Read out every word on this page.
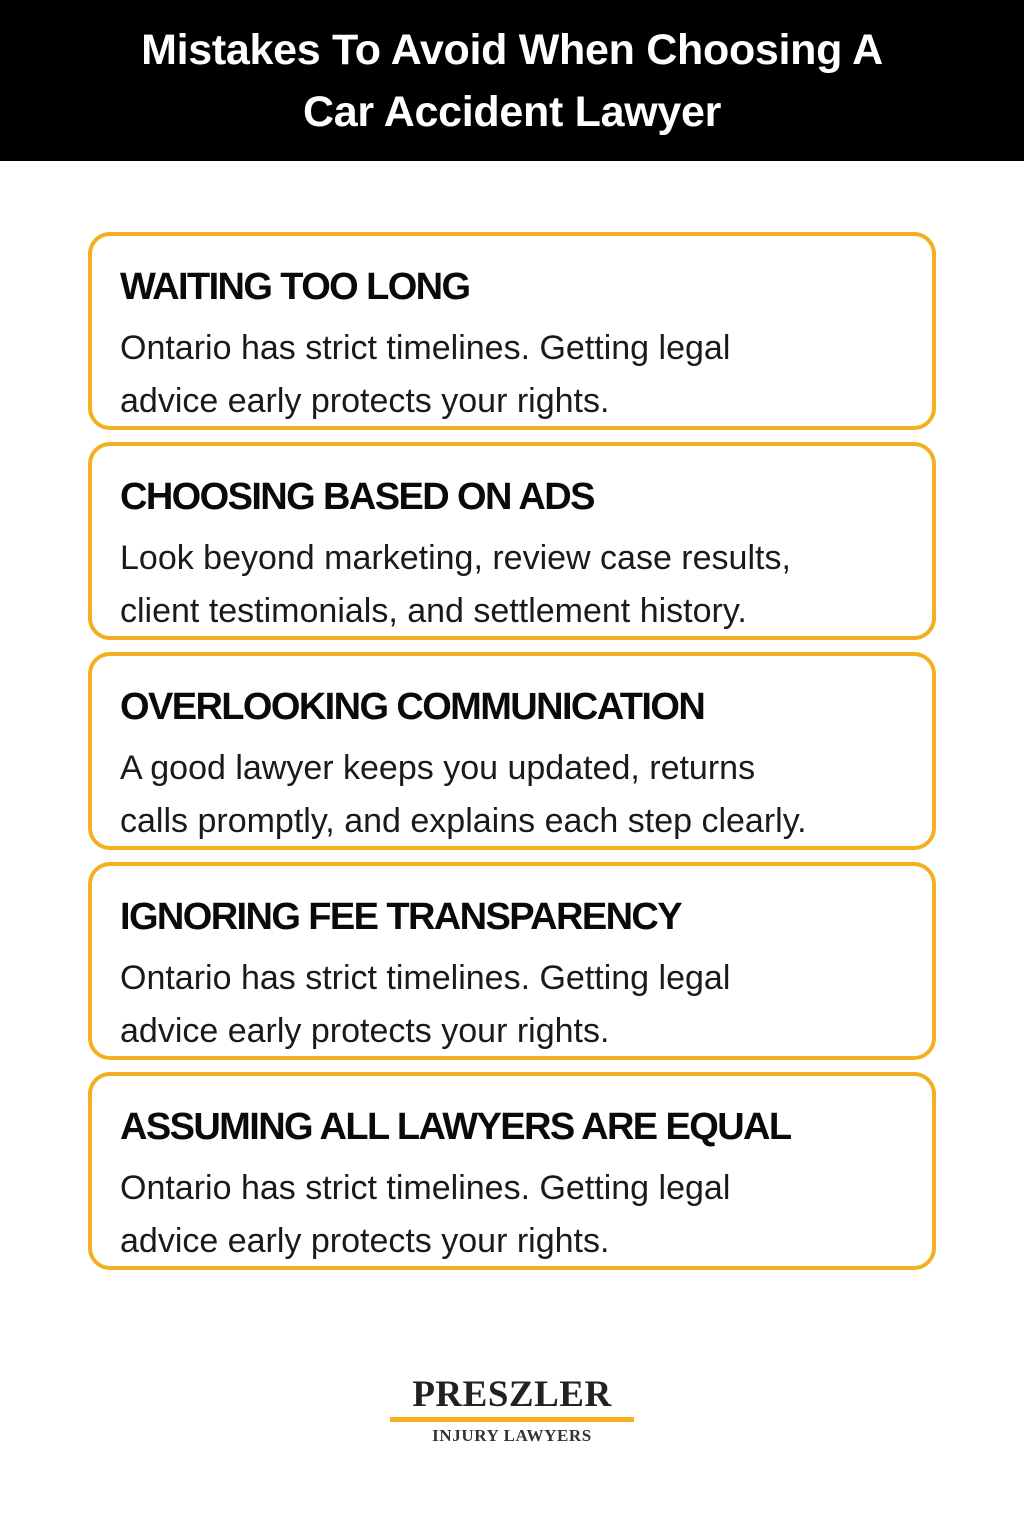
Mistakes To Avoid When Choosing A
Car Accident Lawyer
WAITING TOO LONG
Ontario has strict timelines. Getting legal
advice early protects your rights.
CHOOSING BASED ON ADS
Look beyond marketing, review case results,
client testimonials, and settlement history.
OVERLOOKING COMMUNICATION
A good lawyer keeps you updated, returns
calls promptly, and explains each step clearly.
IGNORING FEE TRANSPARENCY
Ontario has strict timelines. Getting legal
advice early protects your rights.
ASSUMING ALL LAWYERS ARE EQUAL
Ontario has strict timelines. Getting legal
advice early protects your rights.
PRESZLER
INJURY LAWYERS
